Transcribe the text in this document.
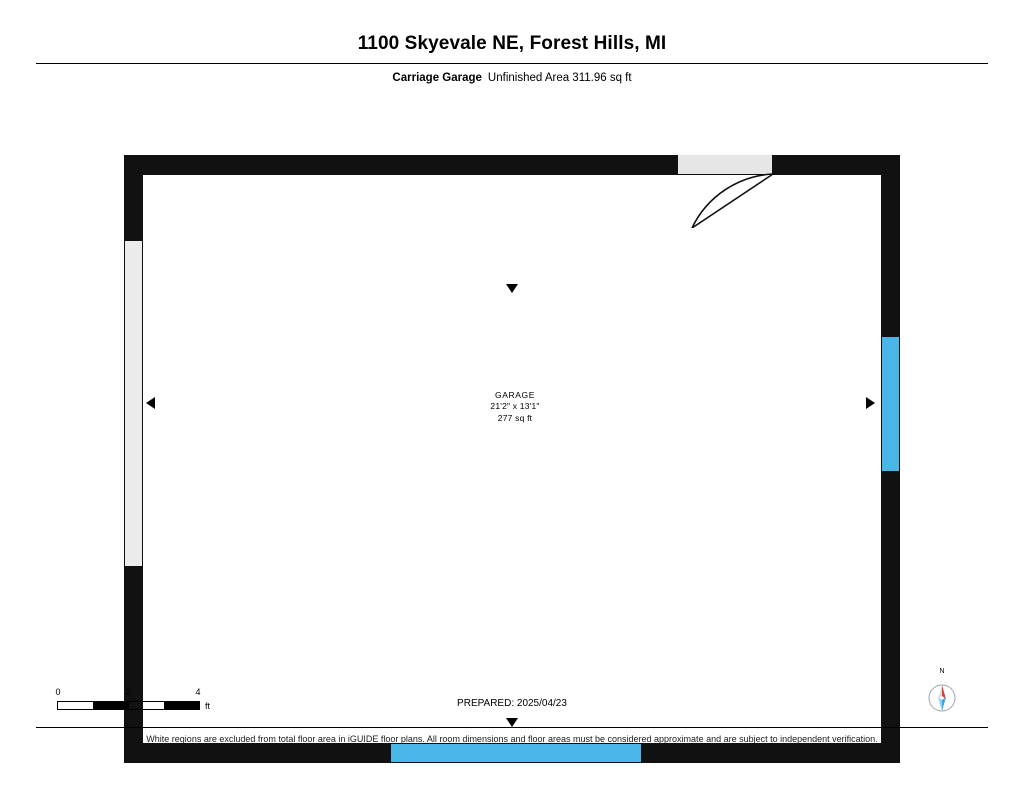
1100 Skyevale NE, Forest Hills, MI
Carriage Garage Unfinished Area 311.96 sq ft
GARAGE
21'2" x 13'1"
277 sq ft
0	2	4
ft	PREPARED: 2025/04/23
N
White regions are excluded from total floor area in iGUIDE floor plans. All room dimensions and floor areas must be considered approximate and are subject to independent verification.
